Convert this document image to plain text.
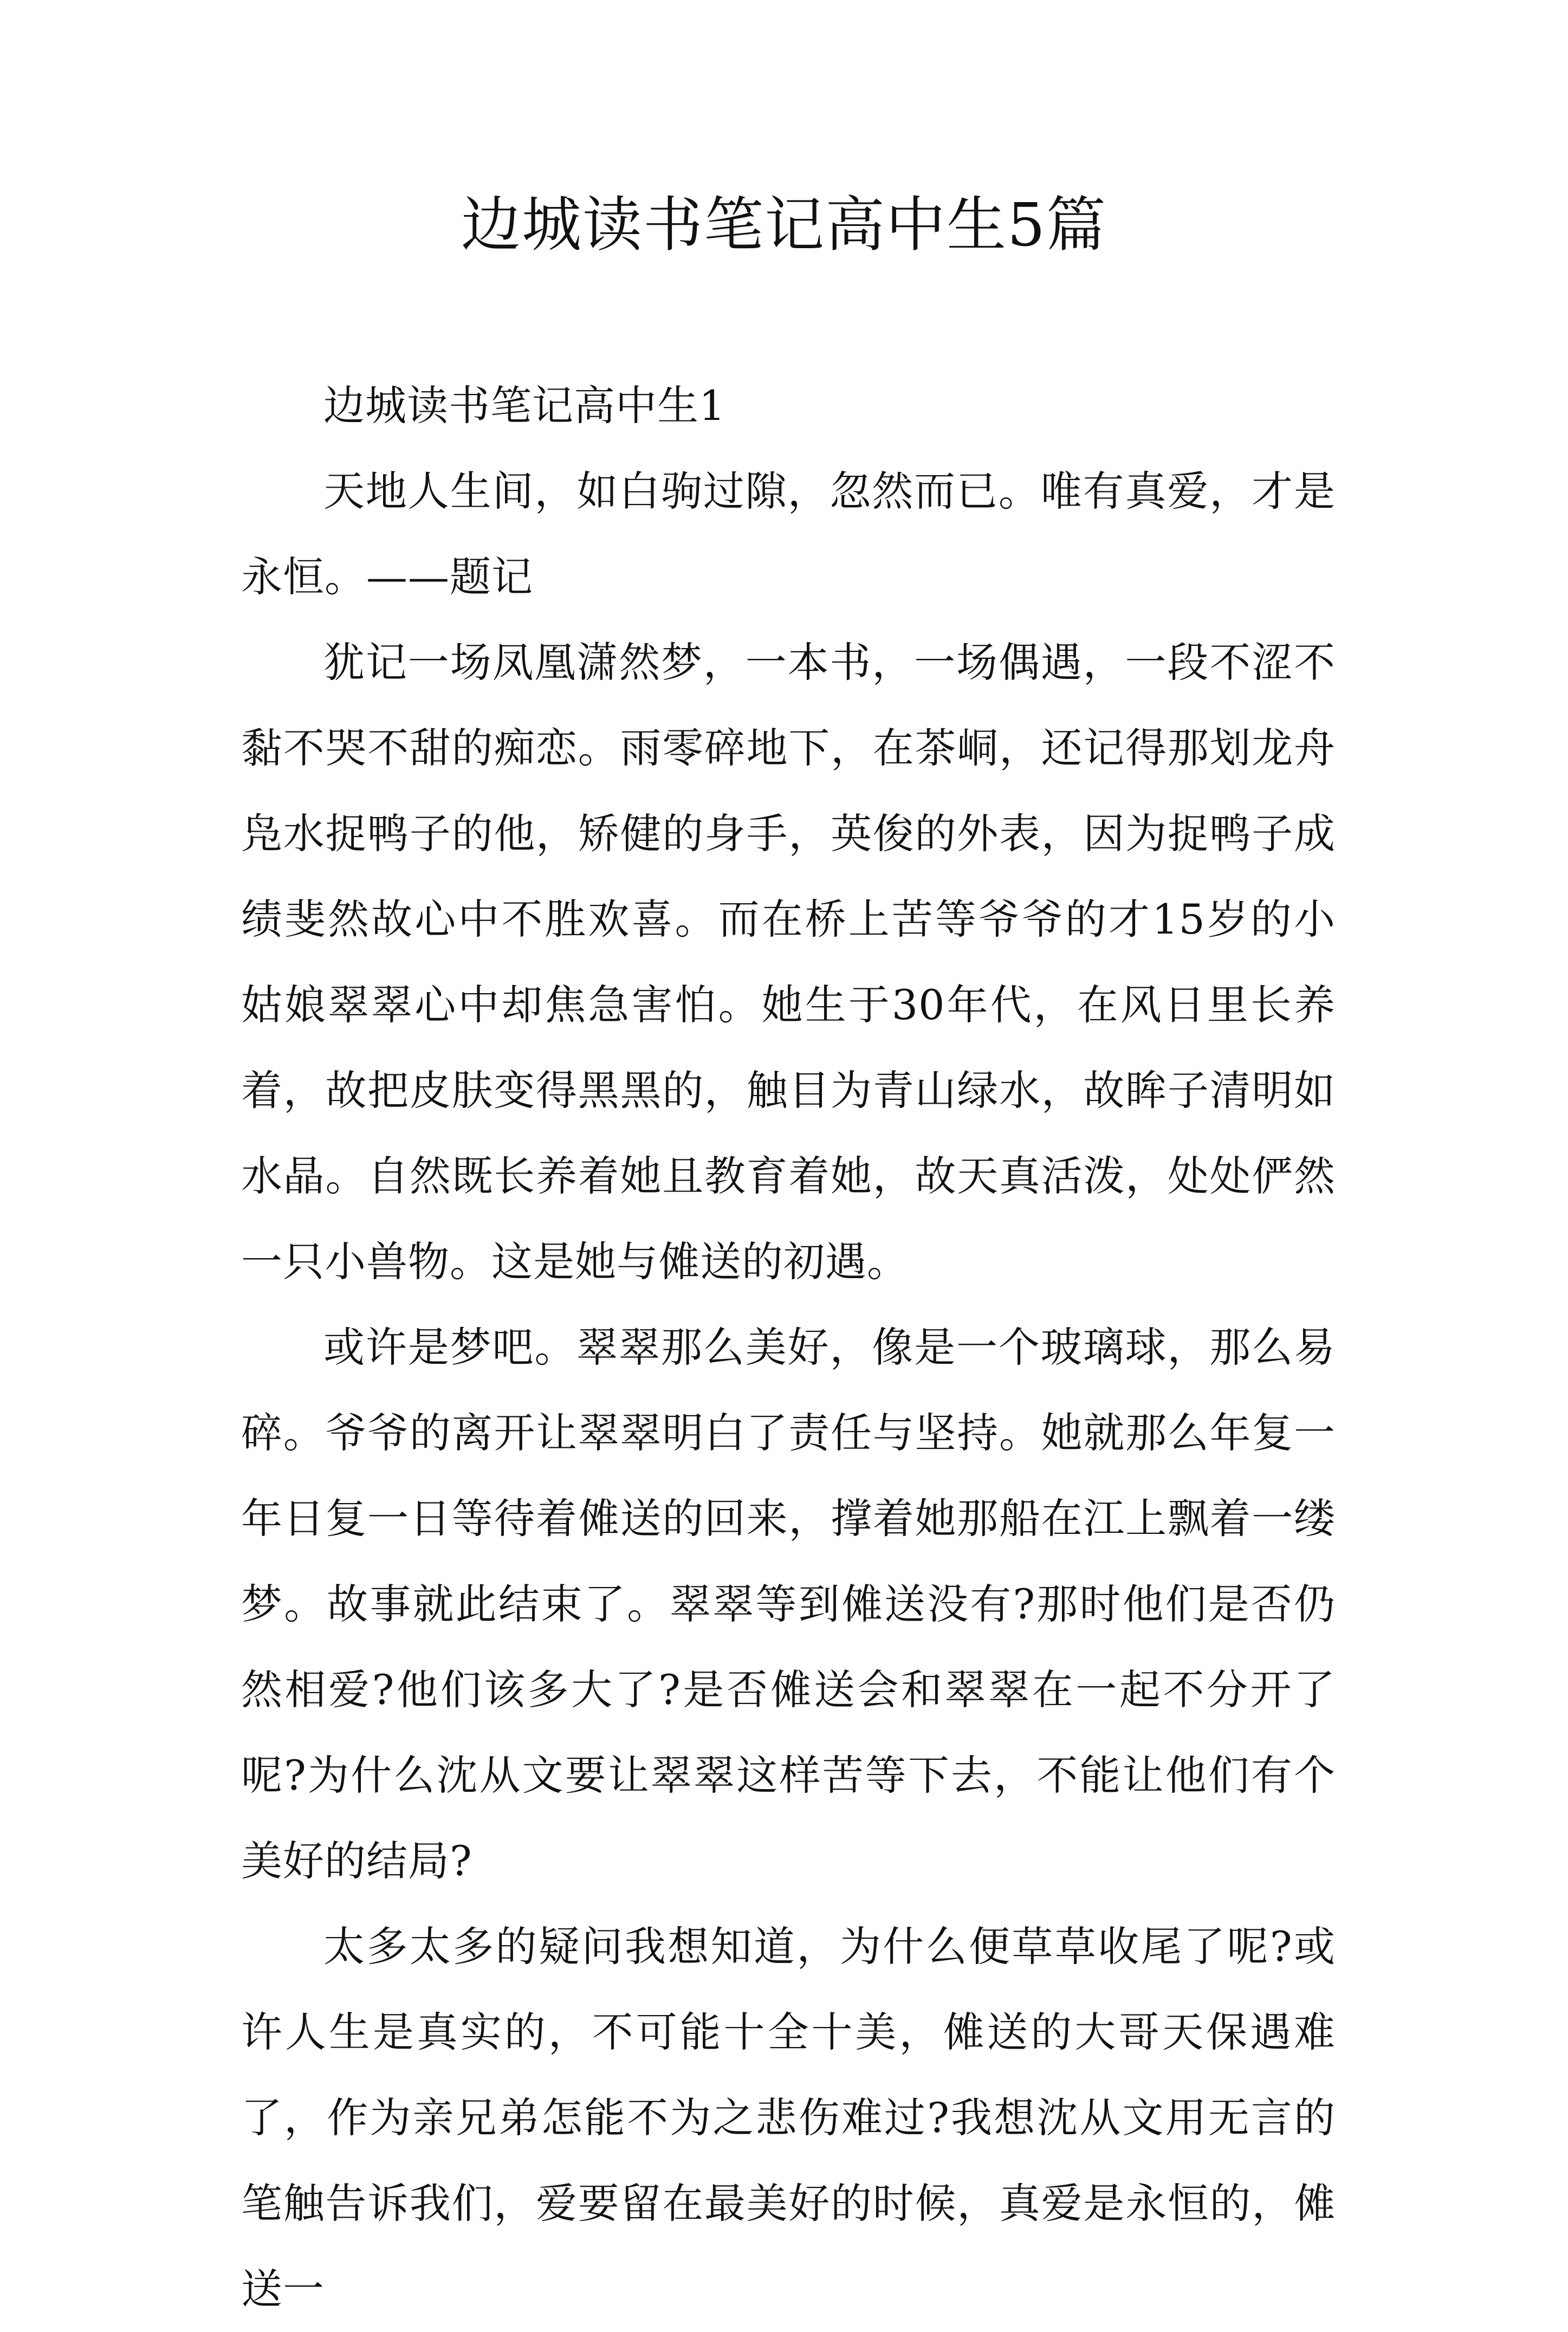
边城读书笔记高中生5篇

边城读书笔记高中生1

天地人生间，如白驹过隙，忽然而已。唯有真爱，才是永恒。——题记

犹记一场凤凰潇然梦，一本书，一场偶遇，一段不涩不黏不哭不甜的痴恋。雨零碎地下，在茶峒，还记得那划龙舟凫水捉鸭子的他，矫健的身手，英俊的外表，因为捉鸭子成绩斐然故心中不胜欢喜。而在桥上苦等爷爷的才15岁的小姑娘翠翠心中却焦急害怕。她生于30年代，在风日里长养着，故把皮肤变得黑黑的，触目为青山绿水，故眸子清明如水晶。自然既长养着她且教育着她，故天真活泼，处处俨然一只小兽物。这是她与傩送的初遇。

或许是梦吧。翠翠那么美好，像是一个玻璃球，那么易碎。爷爷的离开让翠翠明白了责任与坚持。她就那么年复一年日复一日等待着傩送的回来，撑着她那船在江上飘着一缕梦。故事就此结束了。翠翠等到傩送没有?那时他们是否仍然相爱?他们该多大了?是否傩送会和翠翠在一起不分开了呢?为什么沈从文要让翠翠这样苦等下去，不能让他们有个美好的结局?

太多太多的疑问我想知道，为什么便草草收尾了呢?或许人生是真实的，不可能十全十美，傩送的大哥天保遇难了，作为亲兄弟怎能不为之悲伤难过?我想沈从文用无言的笔触告诉我们，爱要留在最美好的时候，真爱是永恒的，傩送一
